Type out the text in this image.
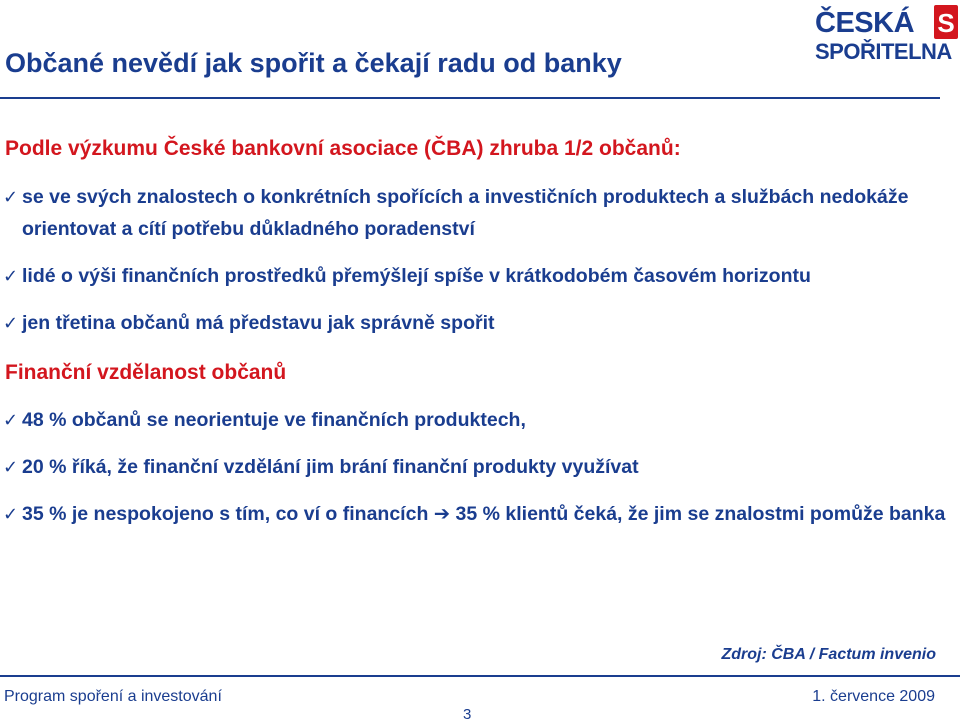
Občané nevědí jak spořit a čekají radu od banky
ČESKÁ S
SPOŘITELNA
Podle výzkumu České bankovní asociace (ČBA) zhruba 1/2 občanů:
✓ se ve svých znalostech o konkrétních spořících a investičních produktech a službách nedokáže orientovat a cítí potřebu důkladného poradenství
✓ lidé o výši finančních prostředků přemýšlejí spíše v krátkodobém časovém horizontu
✓ jen třetina občanů má představu jak správně spořit
Finanční vzdělanost občanů
✓ 48 % občanů se neorientuje ve finančních produktech,
✓ 20 % říká, že finanční vzdělání jim brání finanční produkty využívat
✓ 35 % je nespokojeno s tím, co ví o financích ➔ 35 % klientů čeká, že jim se znalostmi pomůže banka
Zdroj: ČBA / Factum invenio
Program spoření a investování	1. července 2009
3
